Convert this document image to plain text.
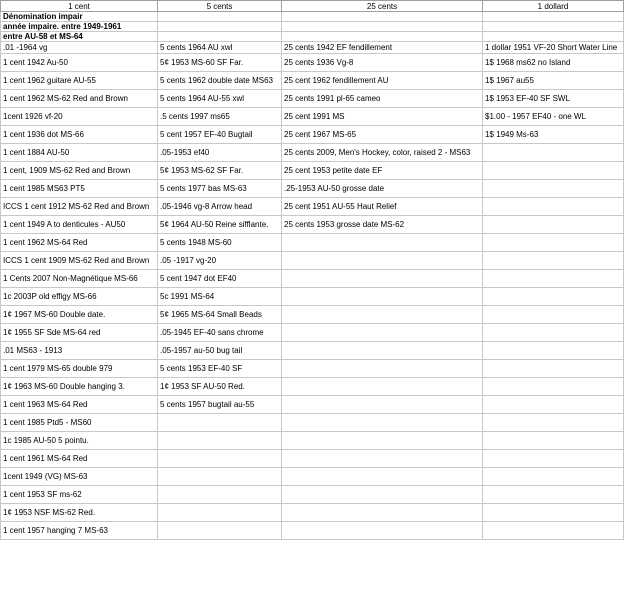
1 cent	5 cents	25 cents	1 dollard
Dénomination impair			
année impaire. entre 1949-1961			
entre AU-58 et MS-64			
.01 -1964 vg	5 cents 1964 AU xwl	25 cents 1942 EF fendillement	1 dollar 1951 VF-20 Short Water Line
1 cent 1942 Au-50	5¢ 1953 MS-60 SF Far.	25 cents 1936 Vg-8	1$ 1968 ms62 no Island
1 cent 1962 guitare AU-55	5 cents 1962 double date MS63	25 cent 1962 fendillement AU	1$ 1967 au55
1 cent 1962 MS-62 Red and Brown	5 cents 1964 AU-55 xwl	25 cents 1991 pl-65 cameo	1$ 1953 EF-40 SF SWL
1cent 1926 vf-20	.5 cents 1997 ms65	25 cent 1991 MS	$1.00 - 1957 EF40 - one WL
1 cent 1936 dot MS-66	5 cent 1957 EF-40 Bugtail	25 cent 1967 MS-65	1$ 1949 Ms-63
1 cent 1884 AU-50	.05-1953 ef40	25 cents 2009, Men's Hockey, color, raised 2 - MS63	
1 cent, 1909 MS-62 Red and Brown	5¢ 1953 MS-62 SF Far.	25 cent 1953 petite date EF	
1 cent 1985 MS63 PT5	5 cents 1977 bas MS-63	.25-1953 AU-50 grosse date	
ICCS 1 cent 1912 MS-62 Red and Brown	.05-1946 vg-8 Arrow head	25 cent 1951 AU-55 Haut Relief	
1 cent 1949 A to denticules - AU50	5¢ 1964 AU-50 Reine sifflante.	25 cents 1953 grosse date MS-62	
1 cent 1962 MS-64 Red	5 cents 1948 MS-60		
ICCS 1 cent 1909 MS-62 Red and Brown	.05 -1917 vg-20		
1 Cents 2007 Non-Magnétique MS-66	5 cent 1947 dot EF40		
1c 2003P old effigy MS-66	5c 1991 MS-64		
1¢ 1967 MS-60 Double date.	5¢ 1965 MS-64 Small Beads		
1¢ 1955 SF Sde MS-64 red	.05-1945 EF-40 sans chrome		
.01 MS63 - 1913	.05-1957 au-50 bug tail		
1 cent 1979 MS-65 double 979	5 cents 1953 EF-40 SF		
1¢ 1963 MS-60 Double hanging 3.	1¢ 1953 SF AU-50 Red.		
1 cent 1963 MS-64 Red	5 cents 1957 bugtail au-55		
1 cent 1985 Ptd5 - MS60			
1c 1985 AU-50 5 pointu.			
1 cent 1961 MS-64 Red			
1cent 1949 (VG) MS-63			
1 cent 1953 SF ms-62			
1¢ 1953 NSF MS-62 Red.			
1 cent 1957 hanging 7 MS-63			
